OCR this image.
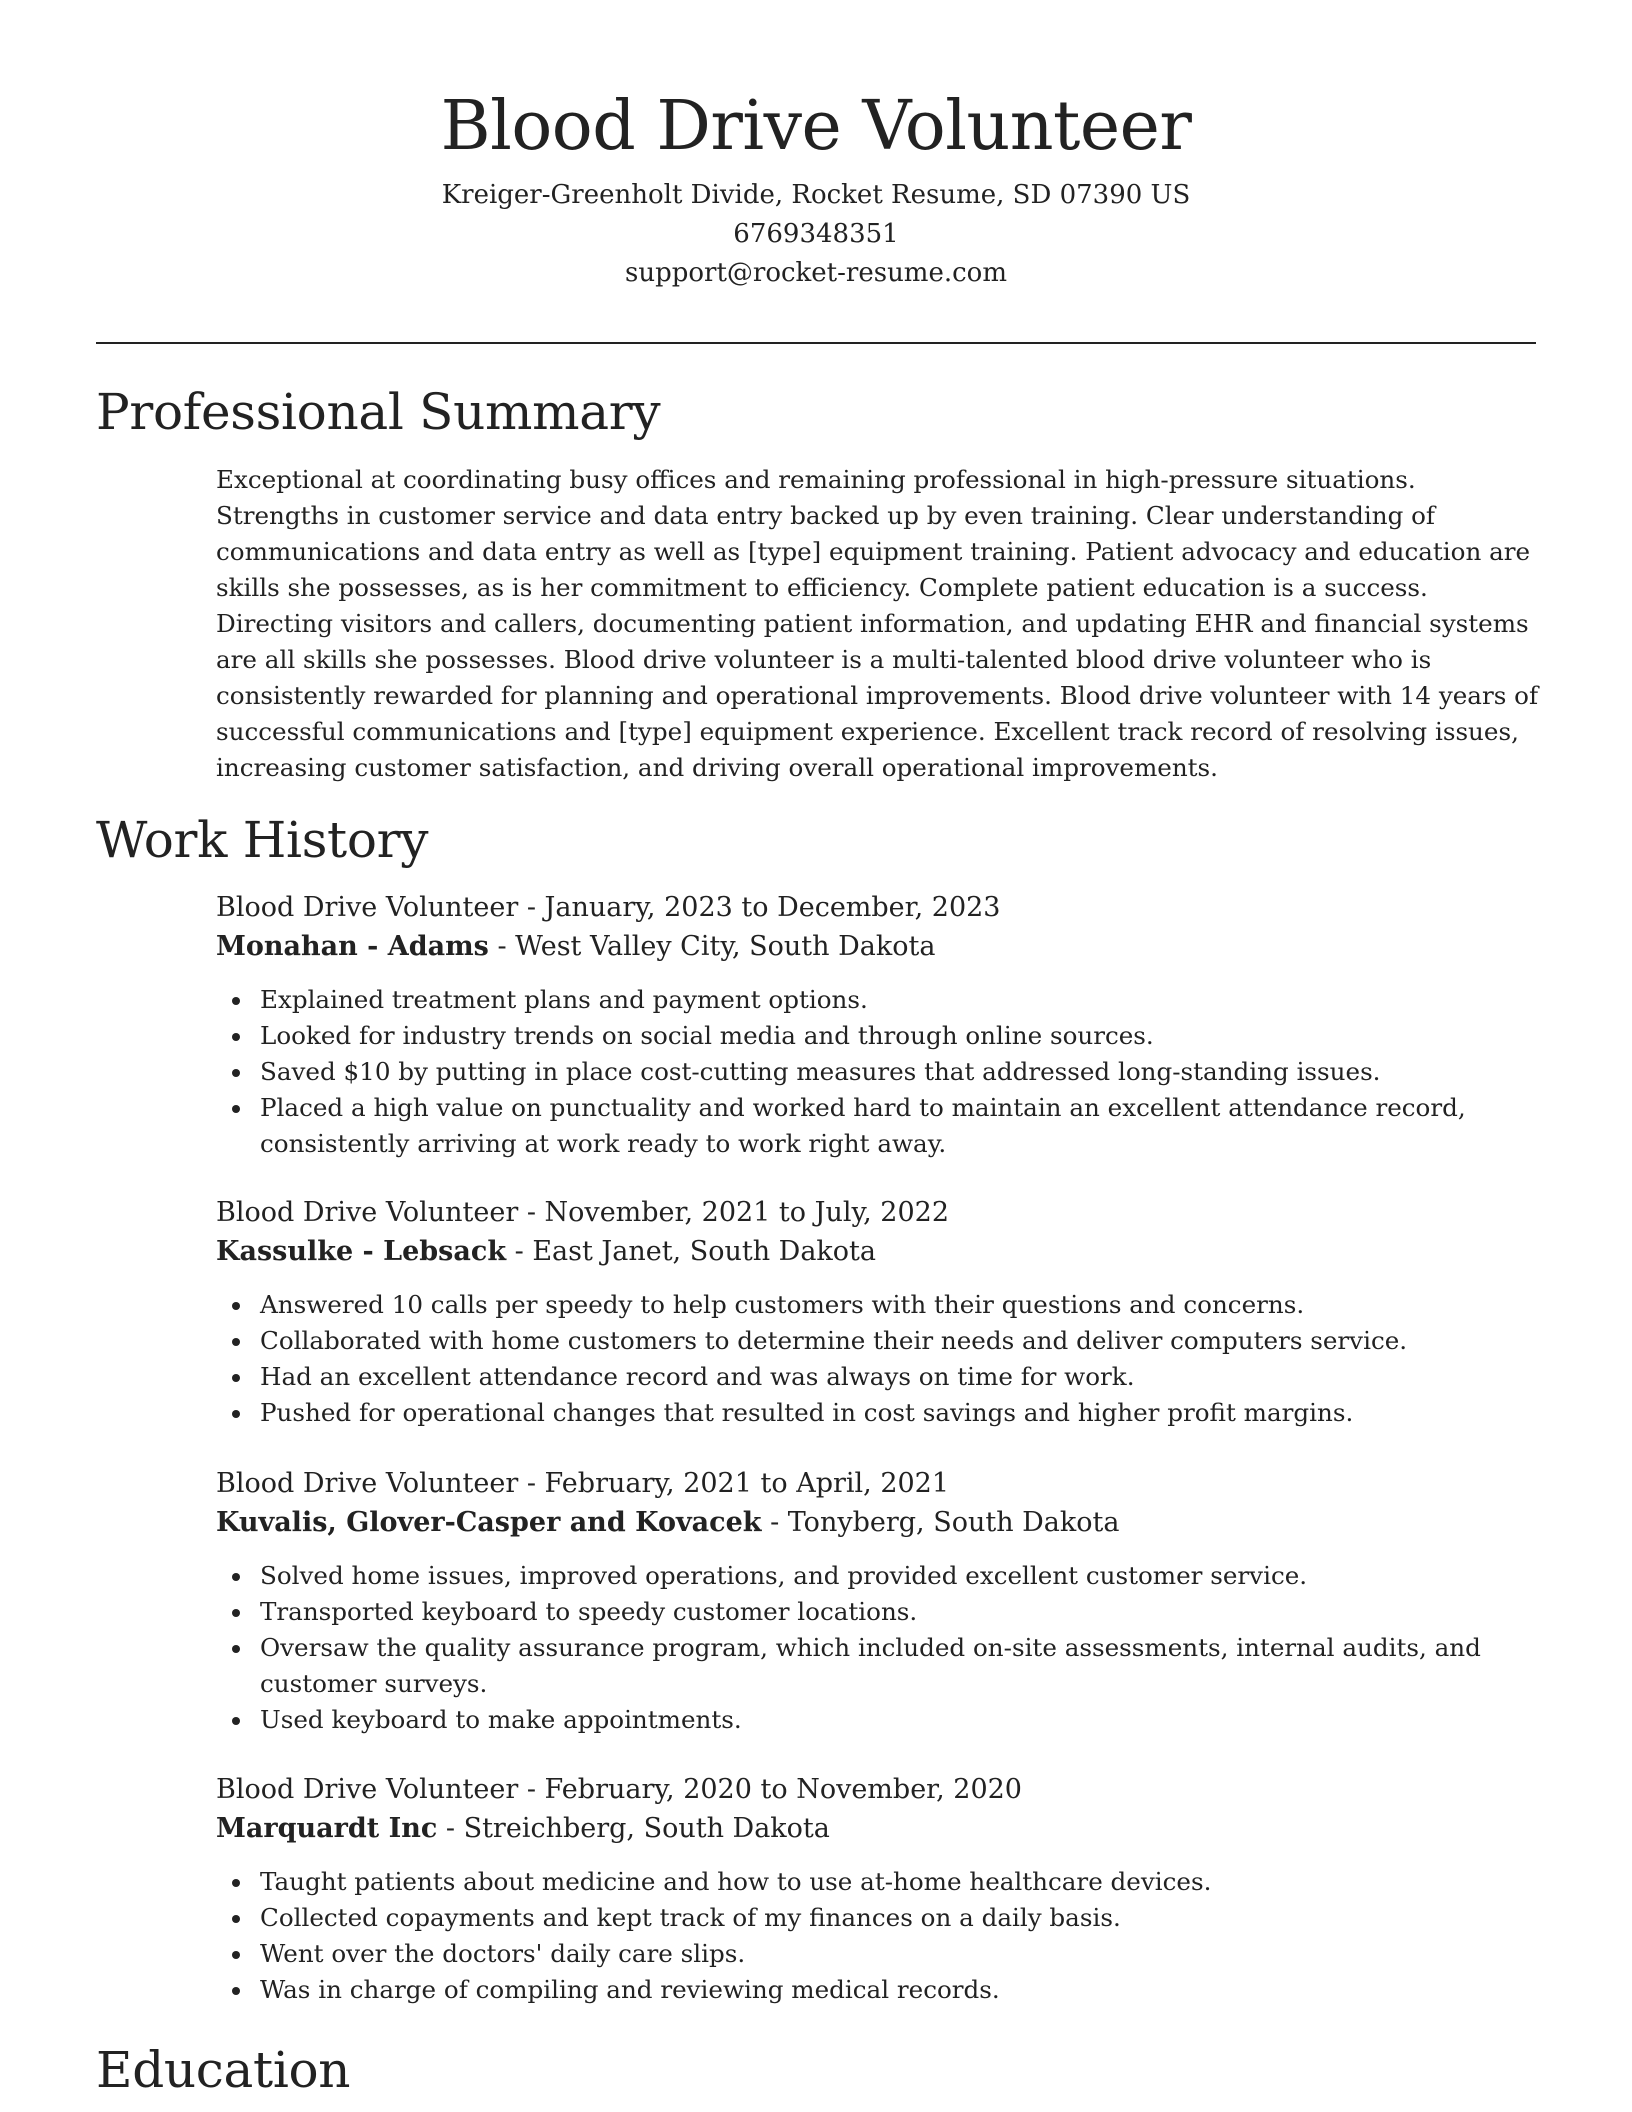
Blood Drive Volunteer

Kreiger-Greenholt Divide, Rocket Resume, SD 07390 US

6769348351

support@rocket-resume.com

Professional Summary

Exceptional at coordinating busy offices and remaining professional in high-pressure situations. Strengths in customer service and data entry backed up by even training. Clear understanding of communications and data entry as well as [type] equipment training. Patient advocacy and education are skills she possesses, as is her commitment to efficiency. Complete patient education is a success. Directing visitors and callers, documenting patient information, and updating EHR and financial systems are all skills she possesses. Blood drive volunteer is a multi-talented blood drive volunteer who is consistently rewarded for planning and operational improvements. Blood drive volunteer with 14 years of successful communications and [type] equipment experience. Excellent track record of resolving issues, increasing customer satisfaction, and driving overall operational improvements.

Work History

Blood Drive Volunteer - January, 2023 to December, 2023

Monahan - Adams - West Valley City, South Dakota

Explained treatment plans and payment options.
Looked for industry trends on social media and through online sources.
Saved $10 by putting in place cost-cutting measures that addressed long-standing issues.
Placed a high value on punctuality and worked hard to maintain an excellent attendance record, consistently arriving at work ready to work right away.

Blood Drive Volunteer - November, 2021 to July, 2022

Kassulke - Lebsack - East Janet, South Dakota

Answered 10 calls per speedy to help customers with their questions and concerns.
Collaborated with home customers to determine their needs and deliver computers service.
Had an excellent attendance record and was always on time for work.
Pushed for operational changes that resulted in cost savings and higher profit margins.

Blood Drive Volunteer - February, 2021 to April, 2021

Kuvalis, Glover-Casper and Kovacek - Tonyberg, South Dakota

Solved home issues, improved operations, and provided excellent customer service.
Transported keyboard to speedy customer locations.
Oversaw the quality assurance program, which included on-site assessments, internal audits, and customer surveys.
Used keyboard to make appointments.

Blood Drive Volunteer - February, 2020 to November, 2020

Marquardt Inc - Streichberg, South Dakota

Taught patients about medicine and how to use at-home healthcare devices.
Collected copayments and kept track of my finances on a daily basis.
Went over the doctors' daily care slips.
Was in charge of compiling and reviewing medical records.
Education
